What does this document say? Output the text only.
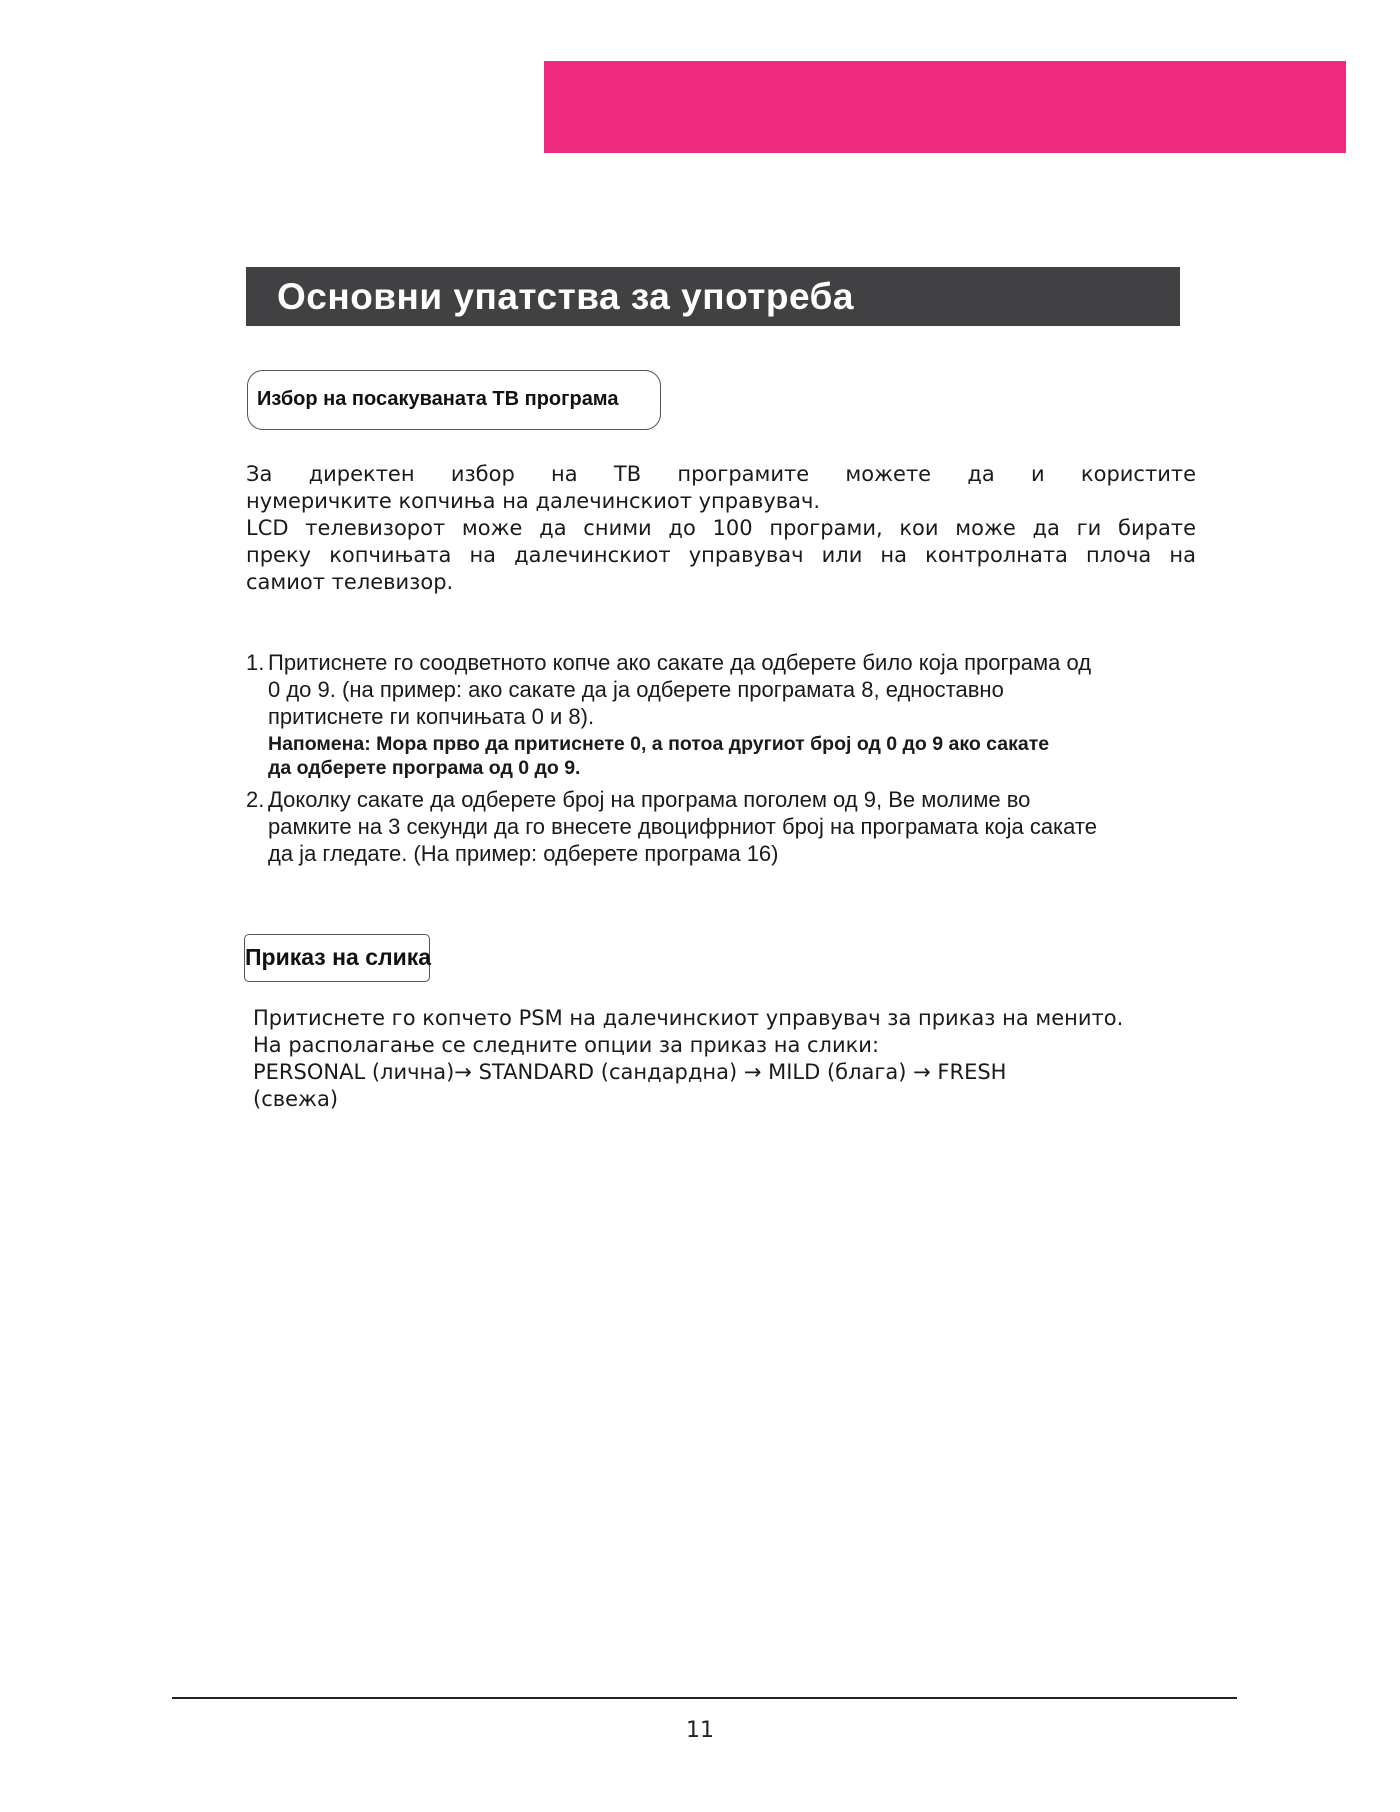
Основни упатства за употреба
Избор на посакуваната ТВ програма
За директен избор на ТВ програмите можете да и користите
нумеричките копчиња на далечинскиот управувач.
LCD телевизорот може да сними до 100 програми, кои може да ги бирате
преку копчињата на далечинскиот управувач или на контролната плоча на
самиот телевизор.
1. Притиснете го соодветното копче ако сакате да одберете било која програма од
0 до 9. (на пример: ако сакате да ја одберете програмата 8, едноставно
притиснете ги копчињата 0 и 8).
Напомена: Мора прво да притиснете 0, а потоа другиот број од 0 до 9 ако сакате
да одберете програма од 0 до 9.
2. Доколку сакате да одберете број на програма поголем од 9, Ве молиме во
рамките на 3 секунди да го внесете двоцифрниот број на програмата која сакате
да ја гледате. (На пример: одберете програма 16)
Приказ на слика
Притиснете го копчето PSM на далечинскиот управувач за приказ на менито.
На располагање се следните опции за приказ на слики:
PERSONAL (лична)→ STANDARD (сандардна) → MILD (блага) → FRESH
(свежа)
11
